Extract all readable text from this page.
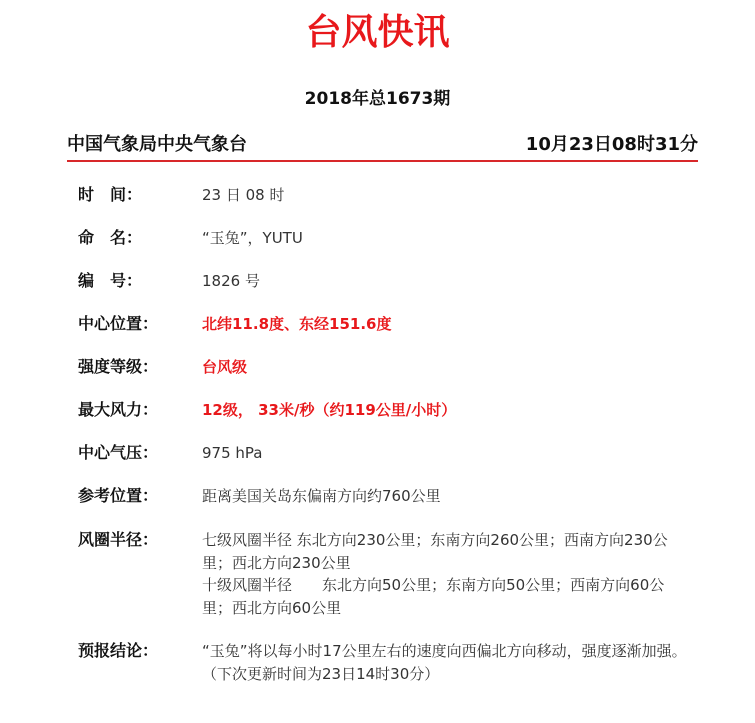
台风快讯
2018年总1673期
中国气象局中央气象台	10月23日08时31分
时　间：	23 日 08 时
命　名：	“玉兔”，YUTU
编　号：	1826 号
中心位置：	北纬11.8度、东经151.6度
强度等级：	台风级
最大风力：	12级， 33米/秒（约119公里/小时）
中心气压：	975 hPa
参考位置：	距离美国关岛东偏南方向约760公里
风圈半径：	七级风圈半径 东北方向230公里；东南方向260公里；西南方向230公里；西北方向230公里

十级风圈半径　　东北方向50公里；东南方向50公里；西南方向60公里；西北方向60公里

预报结论：	“玉兔”将以每小时17公里左右的速度向西偏北方向移动，强度逐渐加强。

（下次更新时间为23日14时30分）
